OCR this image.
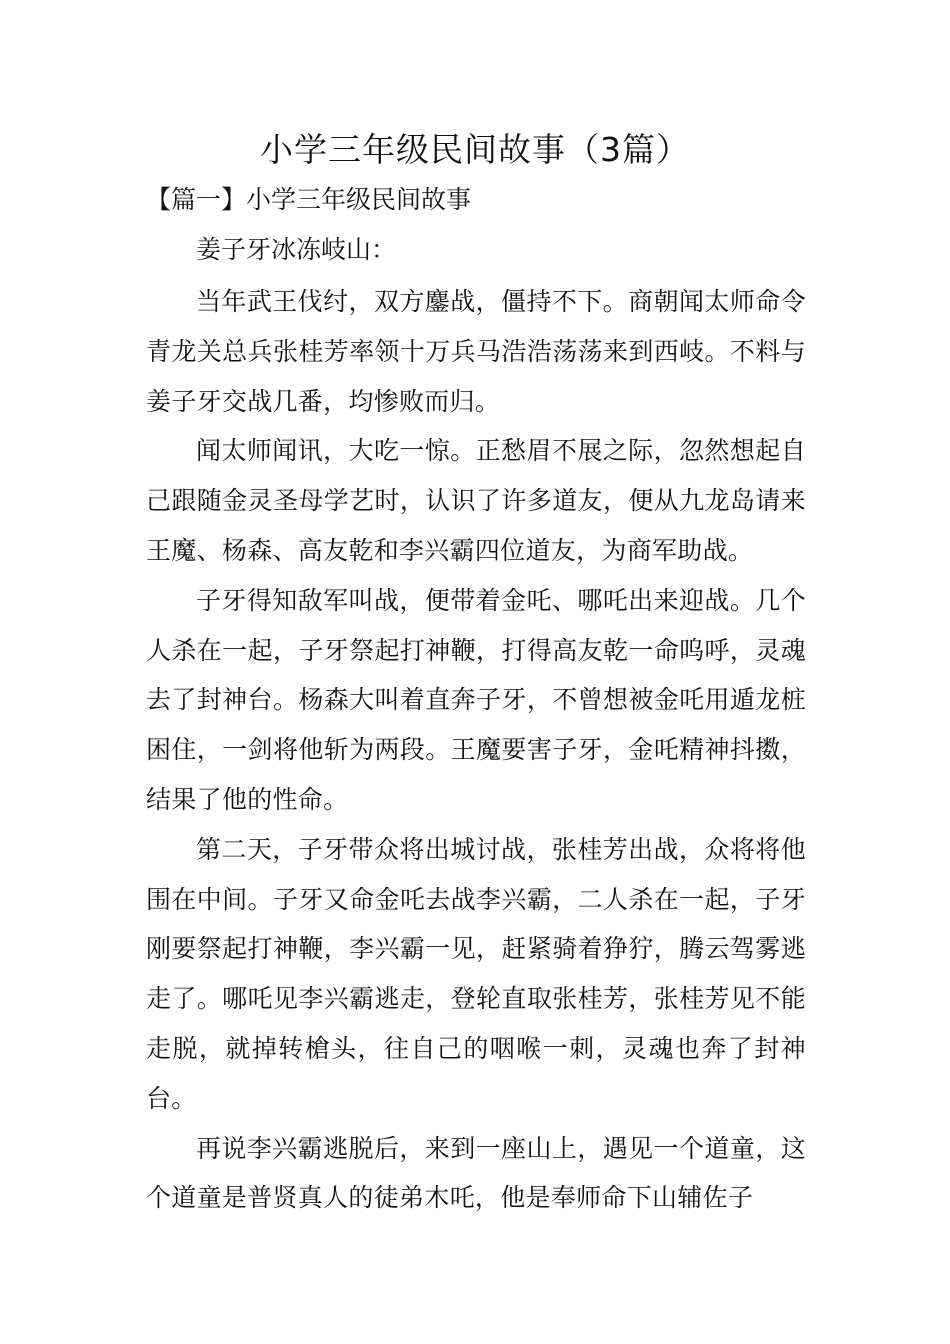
小学三年级民间故事（3篇）
【篇一】小学三年级民间故事
姜子牙冰冻岐山：

当年武王伐纣，双方鏖战，僵持不下。商朝闻太师命令青龙关总兵张桂芳率领十万兵马浩浩荡荡来到西岐。不料与姜子牙交战几番，均惨败而归。

闻太师闻讯，大吃一惊。正愁眉不展之际，忽然想起自己跟随金灵圣母学艺时，认识了许多道友，便从九龙岛请来王魔、杨森、高友乾和李兴霸四位道友，为商军助战。

子牙得知敌军叫战，便带着金吒、哪吒出来迎战。几个人杀在一起，子牙祭起打神鞭，打得高友乾一命呜呼，灵魂去了封神台。杨森大叫着直奔子牙，不曾想被金吒用遁龙桩困住，一剑将他斩为两段。王魔要害子牙，金吒精神抖擞，结果了他的性命。

第二天，子牙带众将出城讨战，张桂芳出战，众将将他围在中间。子牙又命金吒去战李兴霸，二人杀在一起，子牙刚要祭起打神鞭，李兴霸一见，赶紧骑着狰狞，腾云驾雾逃走了。哪吒见李兴霸逃走，登轮直取张桂芳，张桂芳见不能走脱，就掉转槍头，往自己的咽喉一刺，灵魂也奔了封神台。

再说李兴霸逃脱后，来到一座山上，遇见一个道童，这个道童是普贤真人的徒弟木吒，他是奉师命下山辅佐子
